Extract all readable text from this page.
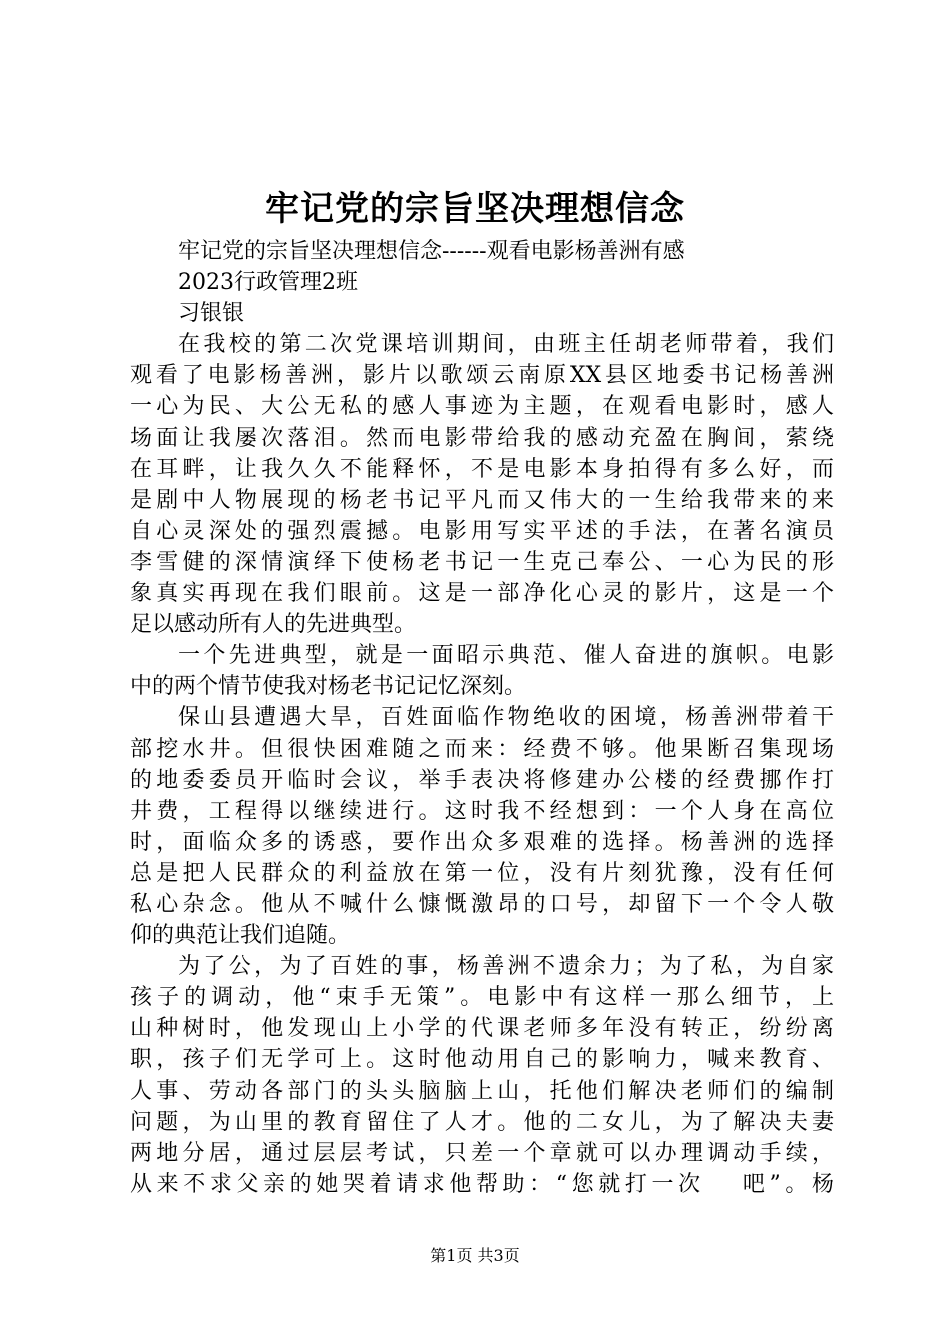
牢记党的宗旨坚决理想信念
牢记党的宗旨坚决理想信念------观看电影杨善洲有感
2023行政管理2班
习银银
在我校的第二次党课培训期间，由班主任胡老师带着，我们
观看了电影杨善洲，影片以歌颂云南原XX县区地委书记杨善洲
一心为民、大公无私的感人事迹为主题，在观看电影时，感人
场面让我屡次落泪。然而电影带给我的感动充盈在胸间，萦绕
在耳畔，让我久久不能释怀，不是电影本身拍得有多么好，而
是剧中人物展现的杨老书记平凡而又伟大的一生给我带来的来
自心灵深处的强烈震撼。电影用写实平述的手法，在著名演员
李雪健的深情演绎下使杨老书记一生克己奉公、一心为民的形
象真实再现在我们眼前。这是一部净化心灵的影片，这是一个
足以感动所有人的先进典型。
一个先进典型，就是一面昭示典范、催人奋进的旗帜。电影
中的两个情节使我对杨老书记记忆深刻。
保山县遭遇大旱，百姓面临作物绝收的困境，杨善洲带着干
部挖水井。但很快困难随之而来：经费不够。他果断召集现场
的地委委员开临时会议，举手表决将修建办公楼的经费挪作打
井费，工程得以继续进行。这时我不经想到：一个人身在高位
时，面临众多的诱惑，要作出众多艰难的选择。杨善洲的选择
总是把人民群众的利益放在第一位，没有片刻犹豫，没有任何
私心杂念。他从不喊什么慷慨激昂的口号，却留下一个令人敬
仰的典范让我们追随。
为了公，为了百姓的事，杨善洲不遗余力；为了私，为自家
孩子的调动，他“束手无策”。电影中有这样一那么细节，上
山种树时，他发现山上小学的代课老师多年没有转正，纷纷离
职，孩子们无学可上。这时他动用自己的影响力，喊来教育、
人事、劳动各部门的头头脑脑上山，托他们解决老师们的编制
问题，为山里的教育留住了人才。他的二女儿，为了解决夫妻
两地分居，通过层层考试，只差一个章就可以办理调动手续，
从来不求父亲的她哭着请求他帮助：“您就打一次　 吧”。杨
第1页 共3页
